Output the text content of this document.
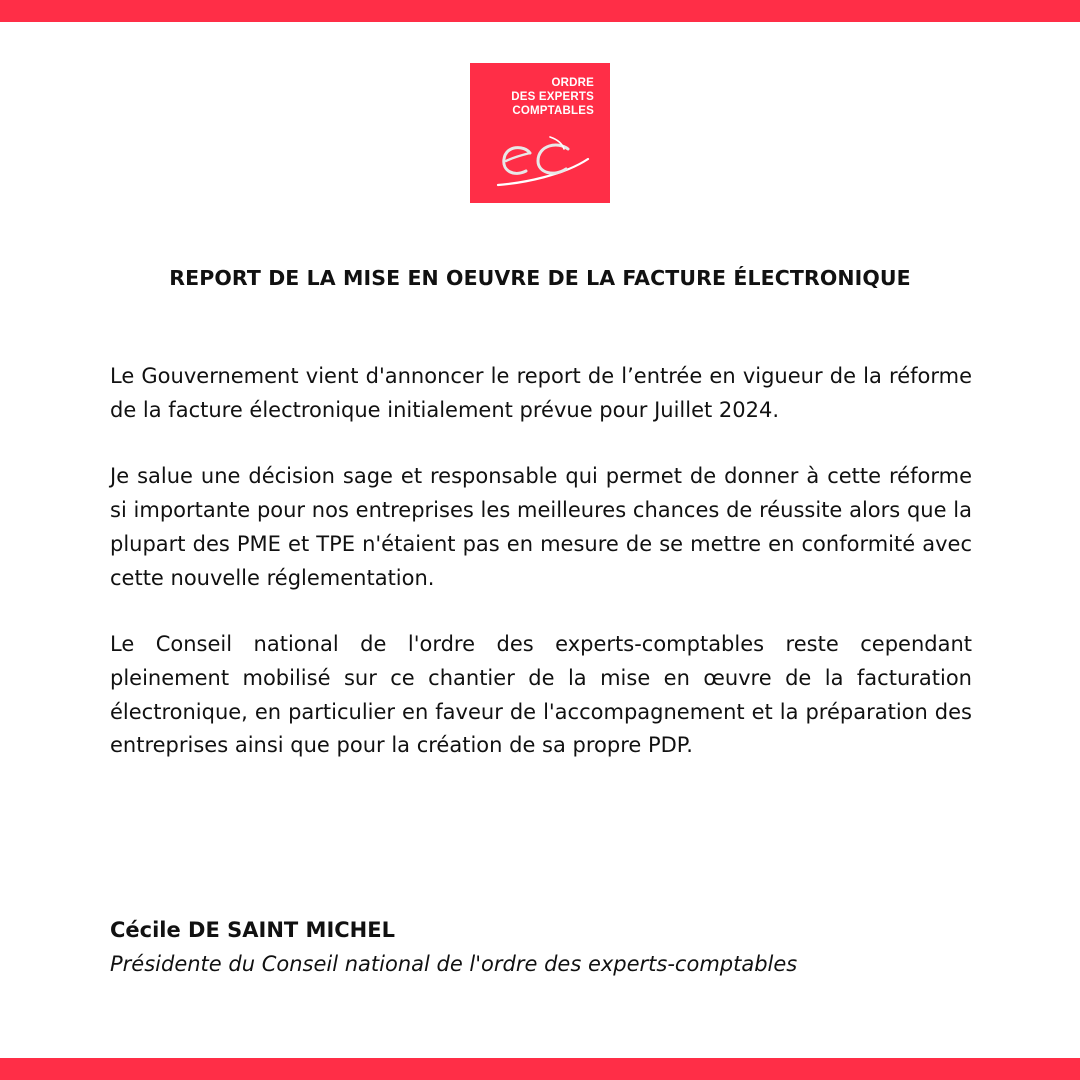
ORDRE
DES EXPERTS
COMPTABLES
REPORT DE LA MISE EN OEUVRE DE LA FACTURE ÉLECTRONIQUE

Le Gouvernement vient d'annoncer le report de l’entrée en vigueur de la réforme de la facture électronique initialement prévue pour Juillet 2024.

Je salue une décision sage et responsable qui permet de donner à cette réforme si importante pour nos entreprises les meilleures chances de réussite alors que la plupart des PME et TPE n'étaient pas en mesure de se mettre en conformité avec cette nouvelle réglementation.

Le Conseil national de l'ordre des experts-comptables reste cependant pleinement mobilisé sur ce chantier de la mise en œuvre de la facturation électronique, en particulier en faveur de l'accompagnement et la préparation des entreprises ainsi que pour la création de sa propre PDP.

Cécile DE SAINT MICHEL
Présidente du Conseil national de l'ordre des experts-comptables
